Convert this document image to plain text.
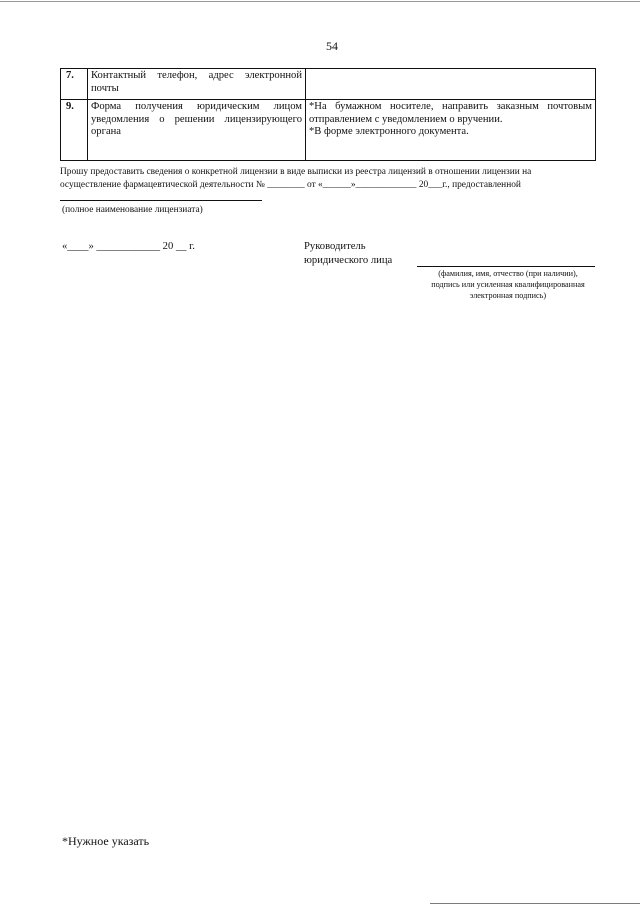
54
7.	Контактный телефон, адрес электронной почты	
9.	Форма получения юридическим лицом уведомления о решении лицензирующего органа	*На бумажном носителе, направить заказным почтовым отправлением с уведомлением о вручении.
*В форме электронного документа.
Прошу предоставить сведения о конкретной лицензии в виде выписки из реестра лицензий в отношении лицензии на
осуществление фармацевтической деятельности № ________ от «______»_____________ 20___г., предоставленной
(полное наименование лицензиата)
«____» ____________ 20 __ г.	Руководитель
юридического лица
(фамилия, имя, отчество (при наличии),
подпись или усиленная квалифицированная
электронная подпись)
*Нужное указать
